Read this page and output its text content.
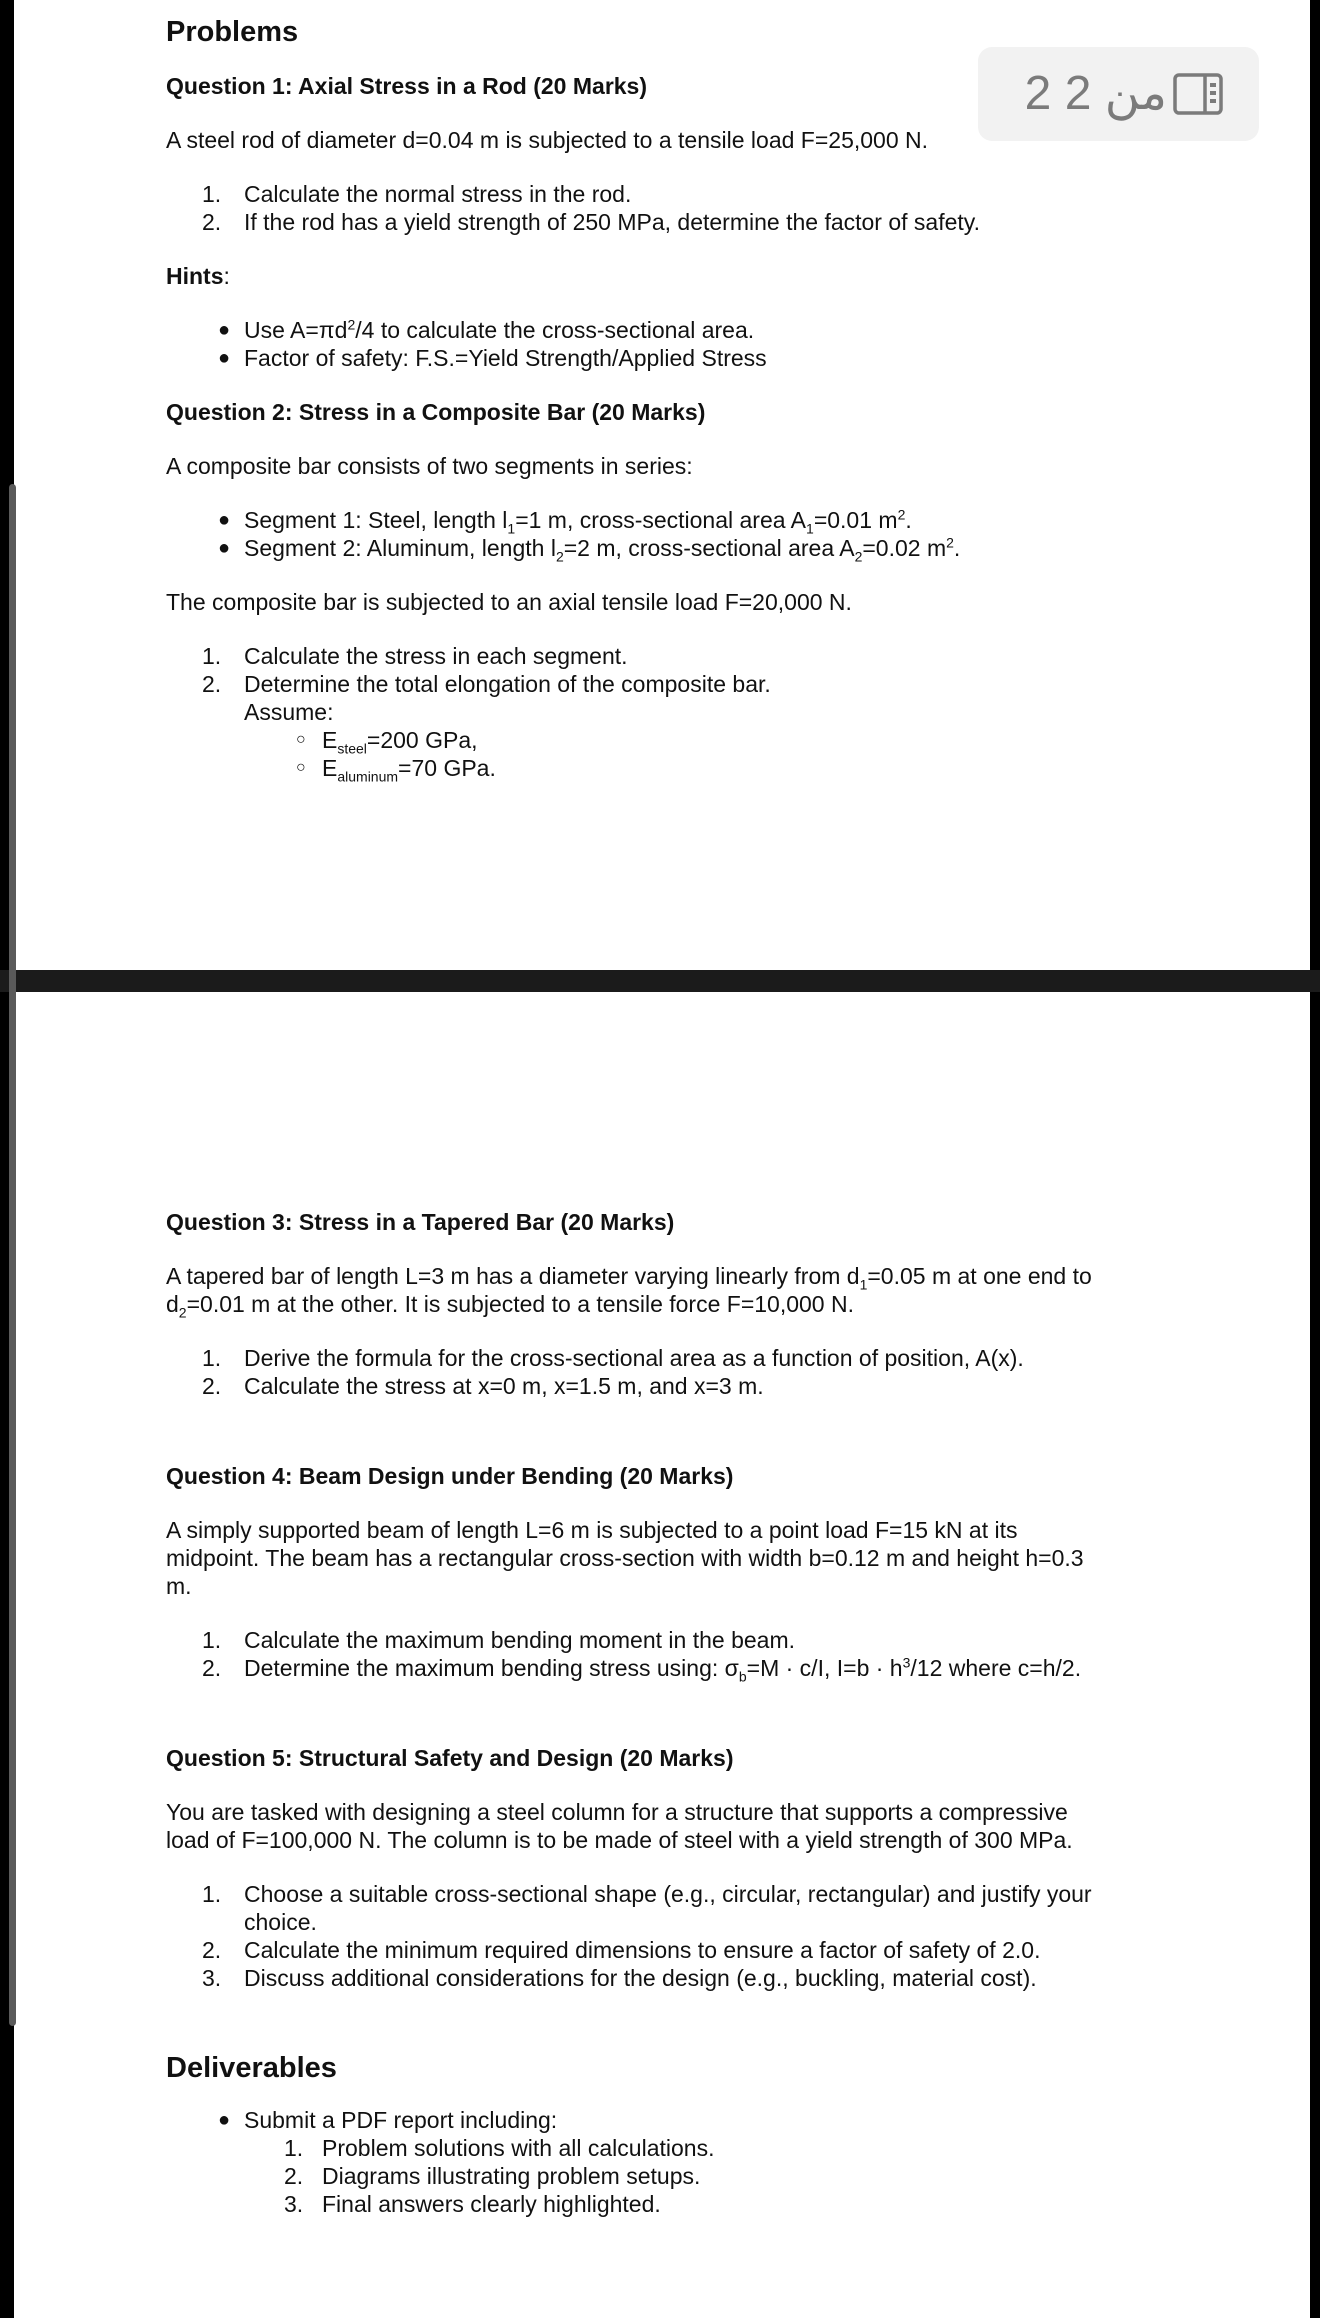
2 من 2
Problems

Question 1: Axial Stress in a Rod (20 Marks)

A steel rod of diameter d=0.04 m is subjected to a tensile load F=25,000 N.

1. Calculate the normal stress in the rod.
2. If the rod has a yield strength of 250 MPa, determine the factor of safety.

Hints:

● Use $A=\pi d^2/4$ to calculate the cross-sectional area.
● Factor of safety: F.S.=Yield Strength/Applied Stress

Question 2: Stress in a Composite Bar (20 Marks)

A composite bar consists of two segments in series:

● Segment 1: Steel, length $l_1=1$ m, cross-sectional area $A_1=0.01$ $m^2$.
● Segment 2: Aluminum, length $l_2=2$ m, cross-sectional area $A_2=0.02$ $m^2$.

The composite bar is subjected to an axial tensile load F=20,000 N.

1. Calculate the stress in each segment.
2. Determine the total elongation of the composite bar.
Assume:
○ $E_{steel}=200$ GPa,
○ $E_{aluminum}=70$ GPa.

Question 3: Stress in a Tapered Bar (20 Marks)

A tapered bar of length L=3 m has a diameter varying linearly from $d_1=0.05$ m at one end to
$d_2=0.01$ m at the other. It is subjected to a tensile force F=10,000 N.

1. Derive the formula for the cross-sectional area as a function of position, A(x).
2. Calculate the stress at x=0 m, x=1.5 m, and x=3 m.

Question 4: Beam Design under Bending (20 Marks)

A simply supported beam of length L=6 m is subjected to a point load F=15 kN at its
midpoint. The beam has a rectangular cross-section with width b=0.12 m and height h=0.3
m.

1. Calculate the maximum bending moment in the beam.
2. Determine the maximum bending stress using: $\sigma_b=M \cdot c/I$, $I=b \cdot h^3/12$ where c=h/2.

Question 5: Structural Safety and Design (20 Marks)

You are tasked with designing a steel column for a structure that supports a compressive
load of F=100,000 N. The column is to be made of steel with a yield strength of 300 MPa.

1. Choose a suitable cross-sectional shape (e.g., circular, rectangular) and justify your
choice.
2. Calculate the minimum required dimensions to ensure a factor of safety of 2.0.
3. Discuss additional considerations for the design (e.g., buckling, material cost).
Deliverables
● Submit a PDF report including:
1. Problem solutions with all calculations.
2. Diagrams illustrating problem setups.
3. Final answers clearly highlighted.
